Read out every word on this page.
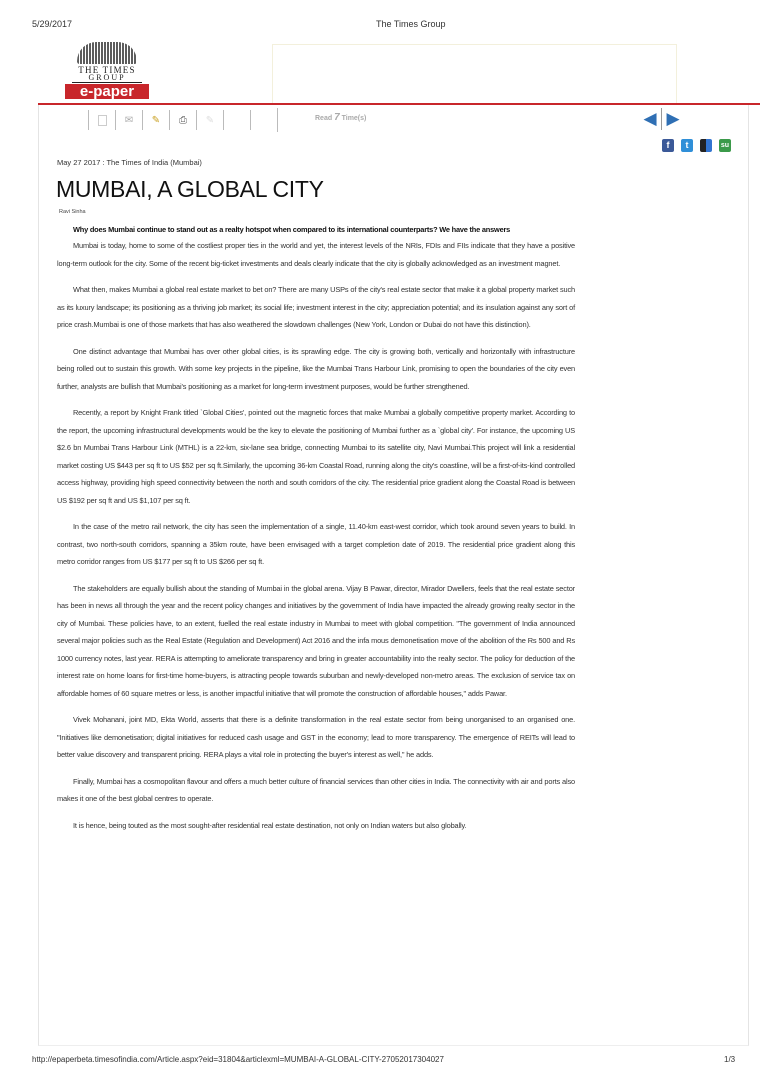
5/29/2017	The Times Group
THE TIMES
GROUP
e-paper
✉ ✎ ⎙ ✎	Read 7 Time(s)	◀ ▶
f	t	su
May 27 2017 : The Times of India (Mumbai)
MUMBAI, A GLOBAL CITY
Ravi Sinha
Why does Mumbai continue to stand out as a realty hotspot when compared to its international counterparts? We have the answers

Mumbai is today, home to some of the costliest proper ties in the world and yet, the interest levels of the NRIs, FDIs and FIIs indicate that they have a positive long-term outlook for the city. Some of the recent big-ticket investments and deals clearly indicate that the city is globally acknowledged as an investment magnet.

What then, makes Mumbai a global real estate market to bet on? There are many USPs of the city's real estate sector that make it a global property market such as its luxury landscape; its positioning as a thriving job market; its social life; investment interest in the city; appreciation potential; and its insulation against any sort of price crash.Mumbai is one of those markets that has also weathered the slowdown challenges (New York, London or Dubai do not have this distinction).

One distinct advantage that Mumbai has over other global cities, is its sprawling edge. The city is growing both, vertically and horizontally with infrastructure being rolled out to sustain this growth. With some key projects in the pipeline, like the Mumbai Trans Harbour Link, promising to open the boundaries of the city even further, analysts are bullish that Mumbai's positioning as a market for long-term investment purposes, would be further strengthened.

Recently, a report by Knight Frank titled `Global Cities', pointed out the magnetic forces that make Mumbai a globally competitive property market. According to the report, the upcoming infrastructural developments would be the key to elevate the positioning of Mumbai further as a `global city'. For instance, the upcoming US $2.6 bn Mumbai Trans Harbour Link (MTHL) is a 22-km, six-lane sea bridge, connecting Mumbai to its satellite city, Navi Mumbai.This project will link a residential market costing US $443 per sq ft to US $52 per sq ft.Similarly, the upcoming 36-km Coastal Road, running along the city's coastline, will be a first-of-its-kind controlled access highway, providing high speed connectivity between the north and south corridors of the city. The residential price gradient along the Coastal Road is between US $192 per sq ft and US $1,107 per sq ft.

In the case of the metro rail network, the city has seen the implementation of a single, 11.40-km east-west corridor, which took around seven years to build. In contrast, two north-south corridors, spanning a 35km route, have been envisaged with a target completion date of 2019. The residential price gradient along this metro corridor ranges from US $177 per sq ft to US $266 per sq ft.

The stakeholders are equally bullish about the standing of Mumbai in the global arena. Vijay B Pawar, director, Mirador Dwellers, feels that the real estate sector has been in news all through the year and the recent policy changes and initiatives by the government of India have impacted the already growing realty sector in the city of Mumbai. These policies have, to an extent, fuelled the real estate industry in Mumbai to meet with global competition. "The government of India announced several major policies such as the Real Estate (Regulation and Development) Act 2016 and the infa mous demonetisation move of the abolition of the Rs 500 and Rs 1000 currency notes, last year. RERA is attempting to ameliorate transparency and bring in greater accountability into the realty sector. The policy for deduction of the interest rate on home loans for first-time home-buyers, is attracting people towards suburban and newly-developed non-metro areas. The exclusion of service tax on affordable homes of 60 square metres or less, is another impactful initiative that will promote the construction of affordable houses," adds Pawar.

Vivek Mohanani, joint MD, Ekta World, asserts that there is a definite transformation in the real estate sector from being unorganised to an organised one. "Initiatives like demonetisation; digital initiatives for reduced cash usage and GST in the economy; lead to more transparency. The emergence of REITs will lead to better value discovery and transparent pricing. RERA plays a vital role in protecting the buyer's interest as well," he adds.

Finally, Mumbai has a cosmopolitan flavour and offers a much better culture of financial services than other cities in India. The connectivity with air and ports also makes it one of the best global centres to operate.

It is hence, being touted as the most sought-after residential real estate destination, not only on Indian waters but also globally.

http://epaperbeta.timesofindia.com/Article.aspx?eid=31804&articlexml=MUMBAI-A-GLOBAL-CITY-27052017304027	1/3
